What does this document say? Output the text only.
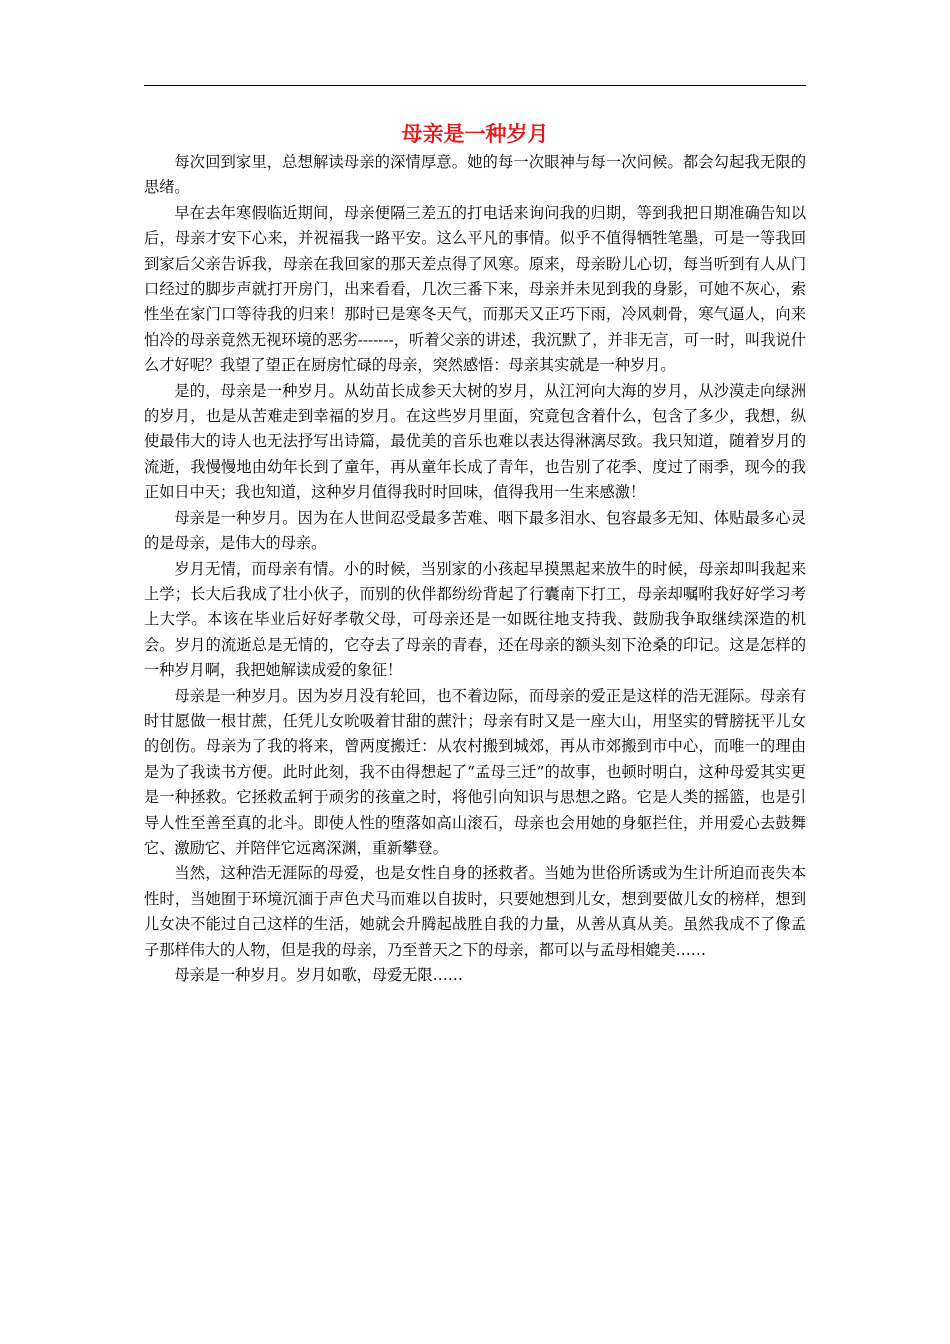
母亲是一种岁月

每次回到家里，总想解读母亲的深情厚意。她的每一次眼神与每一次问候。都会勾起我无限的思绪。

早在去年寒假临近期间，母亲便隔三差五的打电话来询问我的归期，等到我把日期准确告知以后，母亲才安下心来，并祝福我一路平安。这么平凡的事情。似乎不值得牺牲笔墨，可是一等我回到家后父亲告诉我，母亲在我回家的那天差点得了风寒。原来，母亲盼儿心切，每当听到有人从门口经过的脚步声就打开房门，出来看看，几次三番下来，母亲并未见到我的身影，可她不灰心，索性坐在家门口等待我的归来！那时已是寒冬天气，而那天又正巧下雨，冷风刺骨，寒气逼人，向来怕冷的母亲竟然无视环境的恶劣-------，听着父亲的讲述，我沉默了，并非无言，可一时，叫我说什么才好呢？我望了望正在厨房忙碌的母亲，突然感悟：母亲其实就是一种岁月。

是的，母亲是一种岁月。从幼苗长成参天大树的岁月，从江河向大海的岁月，从沙漠走向绿洲的岁月，也是从苦难走到幸福的岁月。在这些岁月里面，究竟包含着什么，包含了多少，我想，纵使最伟大的诗人也无法抒写出诗篇，最优美的音乐也难以表达得淋漓尽致。我只知道，随着岁月的流逝，我慢慢地由幼年长到了童年，再从童年长成了青年，也告别了花季、度过了雨季，现今的我正如日中天；我也知道，这种岁月值得我时时回味，值得我用一生来感激！

母亲是一种岁月。因为在人世间忍受最多苦难、咽下最多泪水、包容最多无知、体贴最多心灵的是母亲，是伟大的母亲。

岁月无情，而母亲有情。小的时候，当别家的小孩起早摸黑起来放牛的时候，母亲却叫我起来上学；长大后我成了壮小伙子，而别的伙伴都纷纷背起了行囊南下打工，母亲却嘱咐我好好学习考上大学。本该在毕业后好好孝敬父母，可母亲还是一如既往地支持我、鼓励我争取继续深造的机会。岁月的流逝总是无情的，它夺去了母亲的青春，还在母亲的额头刻下沧桑的印记。这是怎样的一种岁月啊，我把她解读成爱的象征！

母亲是一种岁月。因为岁月没有轮回，也不着边际，而母亲的爱正是这样的浩无涯际。母亲有时甘愿做一根甘蔗，任凭儿女吮吸着甘甜的蔗汁；母亲有时又是一座大山，用坚实的臂膀抚平儿女的创伤。母亲为了我的将来，曾两度搬迁：从农村搬到城郊，再从市郊搬到市中心，而唯一的理由是为了我读书方便。此时此刻，我不由得想起了“孟母三迁”的故事，也顿时明白，这种母爱其实更是一种拯救。它拯救孟轲于顽劣的孩童之时，将他引向知识与思想之路。它是人类的摇篮，也是引导人性至善至真的北斗。即使人性的堕落如高山滚石，母亲也会用她的身躯拦住，并用爱心去鼓舞它、激励它、并陪伴它远离深渊，重新攀登。

当然，这种浩无涯际的母爱，也是女性自身的拯救者。当她为世俗所诱或为生计所迫而丧失本性时，当她囿于环境沉湎于声色犬马而难以自拔时，只要她想到儿女，想到要做儿女的榜样，想到儿女决不能过自己这样的生活，她就会升腾起战胜自我的力量，从善从真从美。虽然我成不了像孟子那样伟大的人物，但是我的母亲，乃至普天之下的母亲，都可以与孟母相媲美……

母亲是一种岁月。岁月如歌，母爱无限……
